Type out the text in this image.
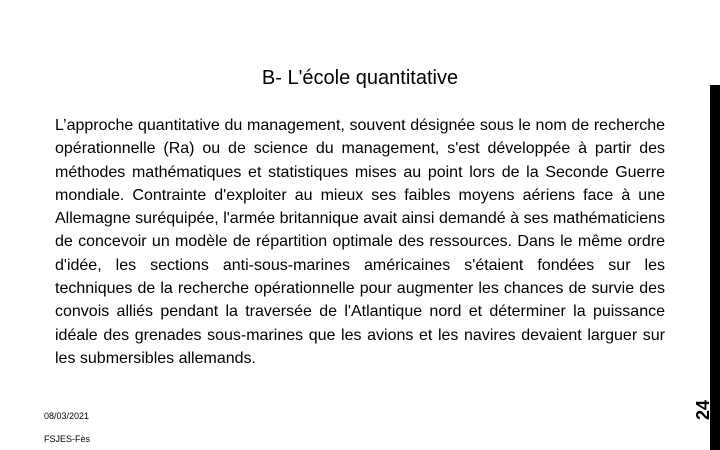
B- L'école quantitative
L’approche quantitative du management, souvent désignée sous le nom de recherche opérationnelle (Ra) ou de science du management, s'est développée à partir des méthodes mathématiques et statistiques mises au point lors de la Seconde Guerre mondiale. Contrainte d'exploiter au mieux ses faibles moyens aériens face à une Allemagne suréquipée, l'armée britannique avait ainsi demandé à ses mathématiciens de concevoir un modèle de répartition optimale des ressources. Dans le même ordre d'idée, les sections anti-sous-marines américaines s'étaient fondées sur les techniques de la recherche opérationnelle pour augmenter les chances de survie des convois alliés pendant la traversée de l'Atlantique nord et déterminer la puissance idéale des grenades sous-marines que les avions et les navires devaient larguer sur les submersibles allemands.
08/03/2021
FSJES-Fès
24
